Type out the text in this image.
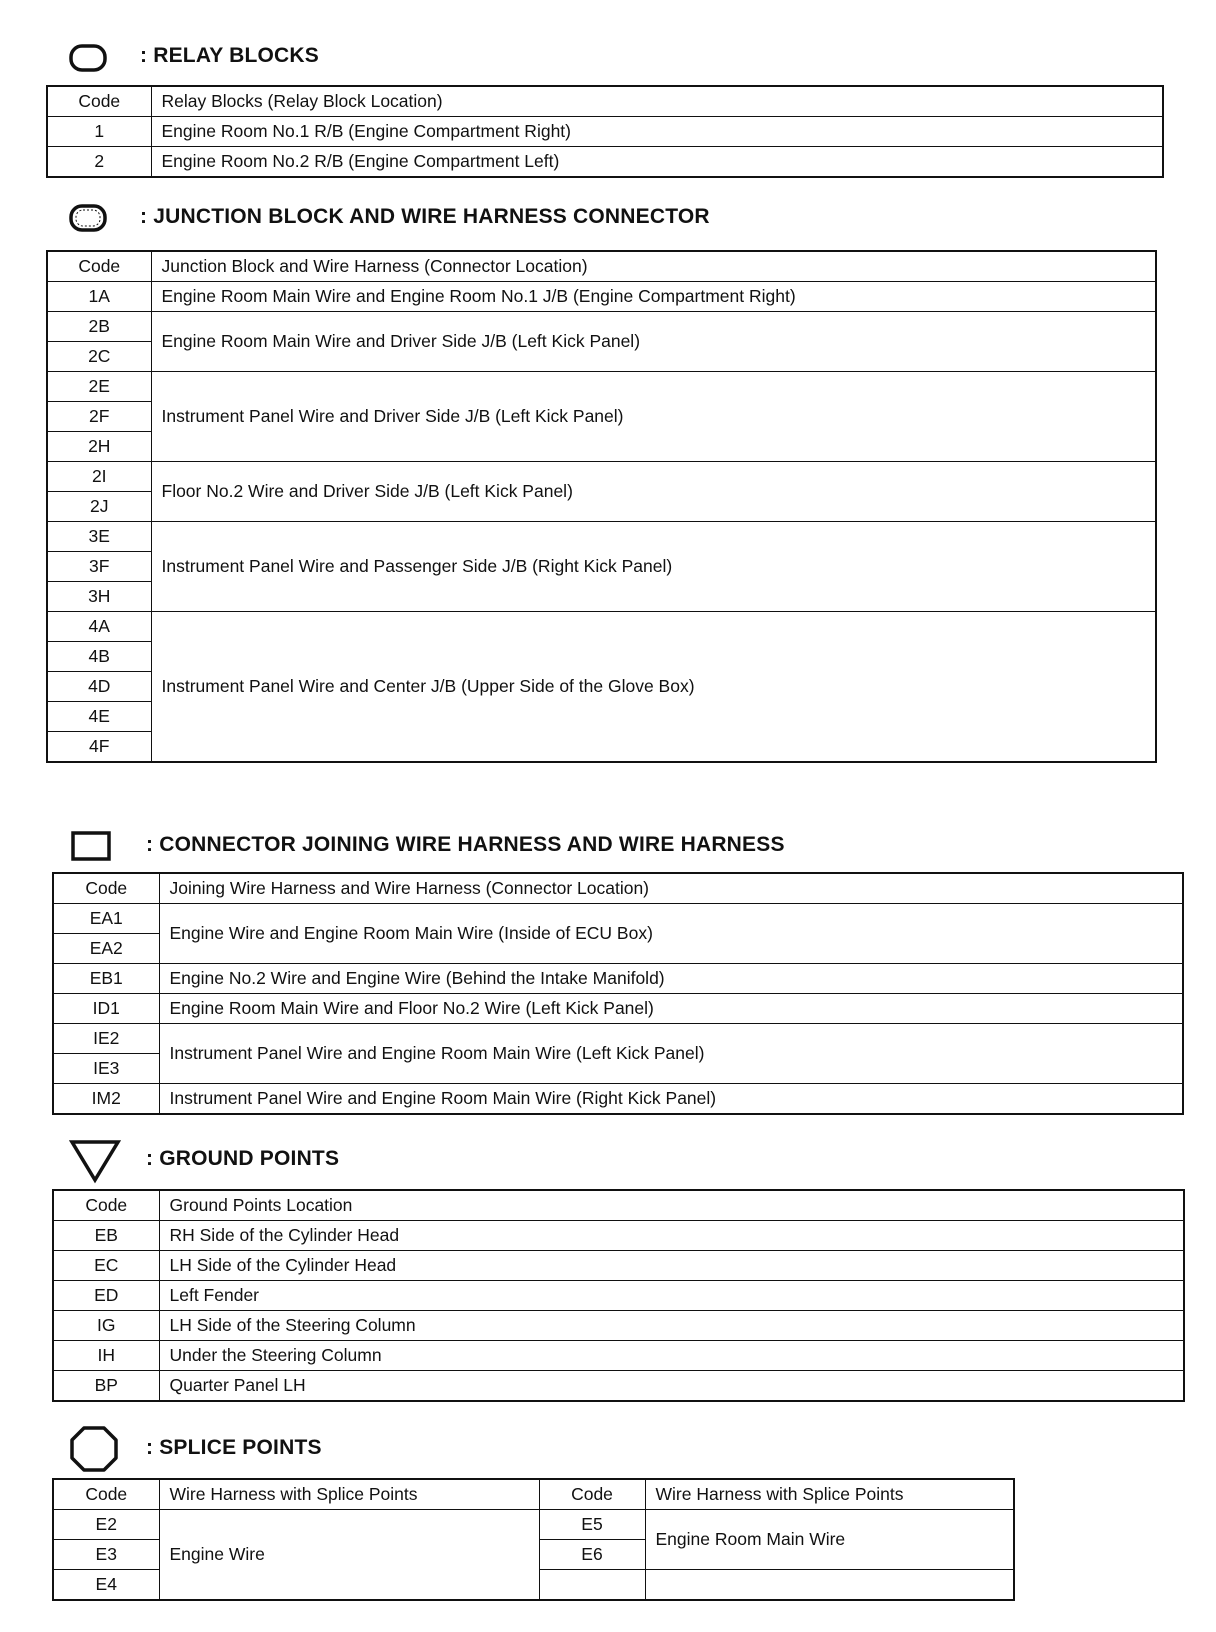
: RELAY BLOCKS
Code	Relay Blocks (Relay Block Location)
1	Engine Room No.1 R/B (Engine Compartment Right)
2	Engine Room No.2 R/B (Engine Compartment Left)
: JUNCTION BLOCK AND WIRE HARNESS CONNECTOR
Code	Junction Block and Wire Harness (Connector Location)
1A	Engine Room Main Wire and Engine Room No.1 J/B (Engine Compartment Right)
2B	Engine Room Main Wire and Driver Side J/B (Left Kick Panel)
2C	
2E	Instrument Panel Wire and Driver Side J/B (Left Kick Panel)
2F	
2H	
2I	Floor No.2 Wire and Driver Side J/B (Left Kick Panel)
2J	
3E	Instrument Panel Wire and Passenger Side J/B (Right Kick Panel)
3F	
3H	
4A	Instrument Panel Wire and Center J/B (Upper Side of the Glove Box)
4B	
4D	
4E	
4F	
: CONNECTOR JOINING WIRE HARNESS AND WIRE HARNESS
Code	Joining Wire Harness and Wire Harness (Connector Location)
EA1	Engine Wire and Engine Room Main Wire (Inside of ECU Box)
EA2	
EB1	Engine No.2 Wire and Engine Wire (Behind the Intake Manifold)
ID1	Engine Room Main Wire and Floor No.2 Wire (Left Kick Panel)
IE2	Instrument Panel Wire and Engine Room Main Wire (Left Kick Panel)
IE3	
IM2	Instrument Panel Wire and Engine Room Main Wire (Right Kick Panel)
: GROUND POINTS
Code	Ground Points Location
EB	RH Side of the Cylinder Head
EC	LH Side of the Cylinder Head
ED	Left Fender
IG	LH Side of the Steering Column
IH	Under the Steering Column
BP	Quarter Panel LH
: SPLICE POINTS
Code	Wire Harness with Splice Points	Code	Wire Harness with Splice Points
E2	Engine Wire	E5	Engine Room Main Wire
E3		E6	
E4			
